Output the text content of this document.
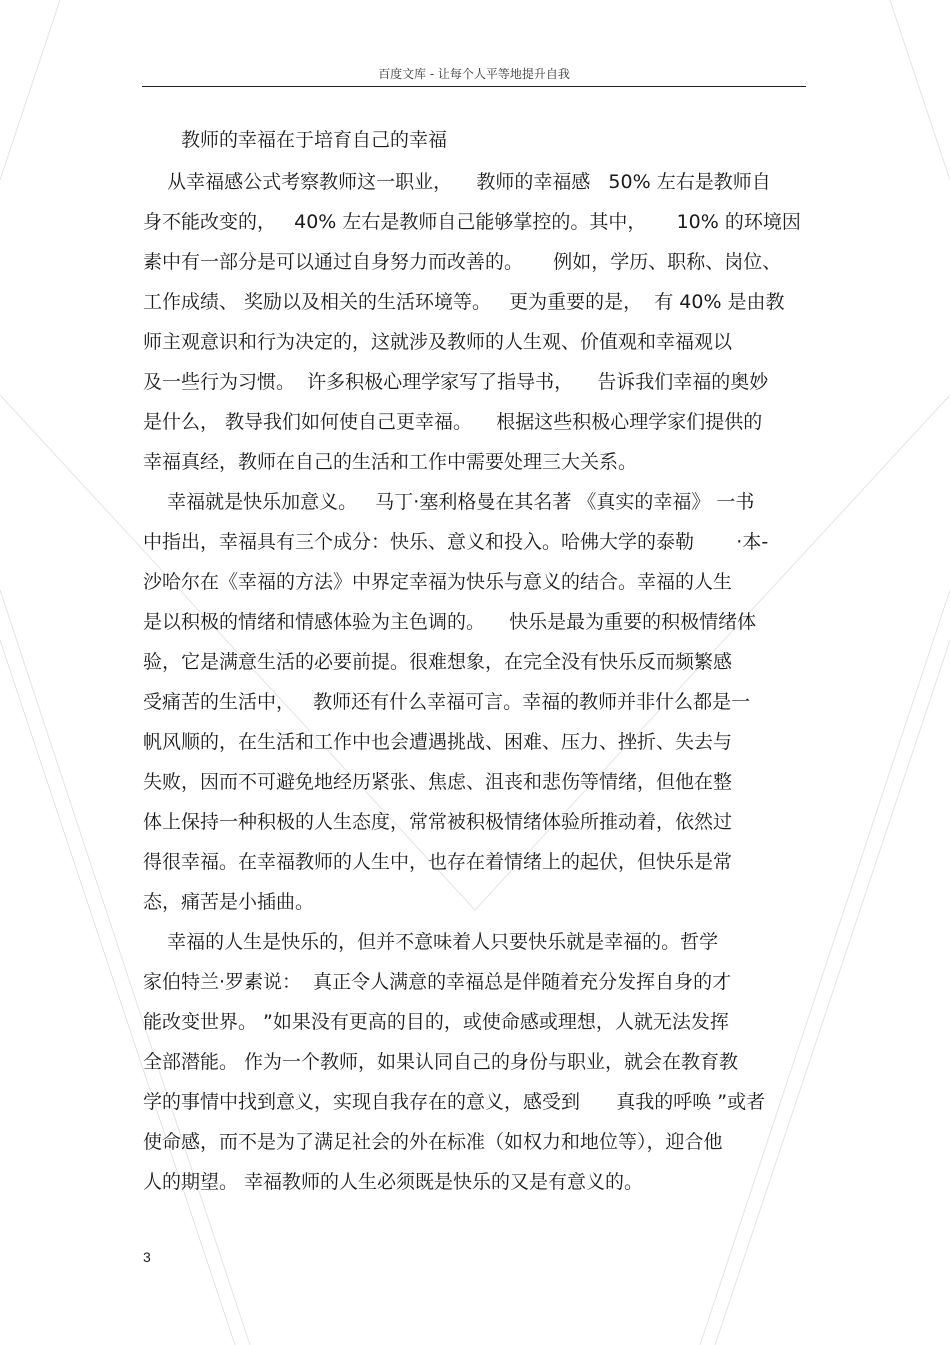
百度文库 - 让每个人平等地提升自我
教师的幸福在于培育自己的幸福
从幸福感公式考察教师这一职业，    教师的幸福感   50% 左右是教师自
身不能改变的，   40% 左右是教师自己能够掌控的。其中，     10% 的环境因
素中有一部分是可以通过自身努力而改善的。     例如，学历、职称、岗位、
工作成绩、 奖励以及相关的生活环境等。   更为重要的是，  有 40% 是由教
师主观意识和行为决定的，这就涉及教师的人生观、价值观和幸福观以
及一些行为习惯。  许多积极心理学家写了指导书，    告诉我们幸福的奥妙
是什么， 教导我们如何使自己更幸福。    根据这些积极心理学家们提供的
幸福真经，教师在自己的生活和工作中需要处理三大关系。
幸福就是快乐加意义。   马丁·塞利格曼在其名著 《真实的幸福》 一书
中指出，幸福具有三个成分：快乐、意义和投入。哈佛大学的泰勒       ·本-
沙哈尔在《幸福的方法》中界定幸福为快乐与意义的结合。幸福的人生
是以积极的情绪和情感体验为主色调的。    快乐是最为重要的积极情绪体
验，它是满意生活的必要前提。很难想象，在完全没有快乐反而频繁感
受痛苦的生活中，   教师还有什么幸福可言。幸福的教师并非什么都是一
帆风顺的，在生活和工作中也会遭遇挑战、困难、压力、挫折、失去与
失败，因而不可避免地经历紧张、焦虑、沮丧和悲伤等情绪，但他在整
体上保持一种积极的人生态度，常常被积极情绪体验所推动着，依然过
得很幸福。在幸福教师的人生中，也存在着情绪上的起伏，但快乐是常
态，痛苦是小插曲。
幸福的人生是快乐的，但并不意味着人只要快乐就是幸福的。哲学
家伯特兰·罗素说：  真正令人满意的幸福总是伴随着充分发挥自身的才
能改变世界。 ”如果没有更高的目的，或使命感或理想，人就无法发挥
全部潜能。 作为一个教师，如果认同自己的身份与职业，就会在教育教
学的事情中找到意义，实现自我存在的意义，感受到      真我的呼唤 ”或者
使命感，而不是为了满足社会的外在标准（如权力和地位等），迎合他
人的期望。 幸福教师的人生必须既是快乐的又是有意义的。
3
